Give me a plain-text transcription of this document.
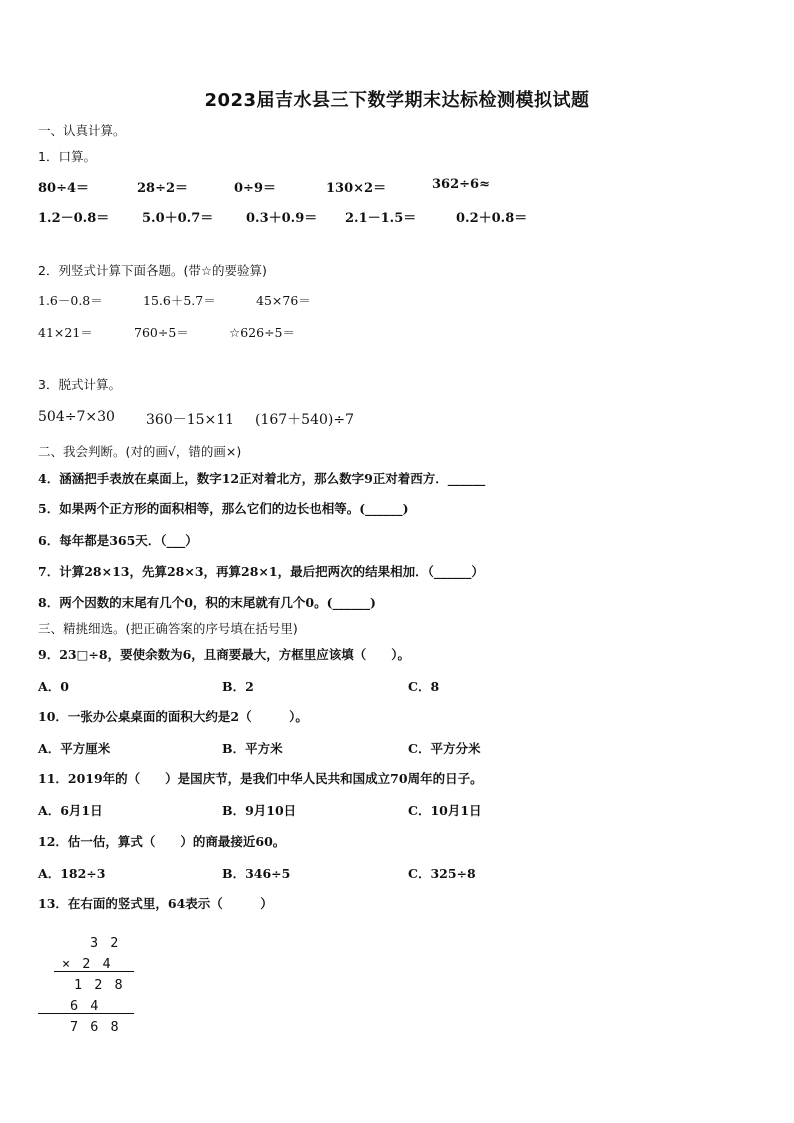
2023届吉水县三下数学期末达标检测模拟试题
一、认真计算。
1．口算。
80÷4＝	28÷2＝	0÷9＝	130×2＝	362÷6≈
1.2－0.8＝	5.0＋0.7＝	0.3＋0.9＝ 2.1－1.5＝	0.2＋0.8＝
2．列竖式计算下面各题。(带☆的要验算)
1.6－0.8＝	15.6＋5.7＝	45×76＝
41×21＝	760÷5＝	☆626÷5＝
3．脱式计算。
504÷7×30 360－15×11 (167＋540)÷7
二、我会判断。(对的画√，错的画×)
4．涵涵把手表放在桌面上，数字12正对着北方，那么数字9正对着西方．______
5．如果两个正方形的面积相等，那么它们的边长也相等。(______)
6．每年都是365天．（___）
7．计算28×13，先算28×3，再算28×1，最后把两次的结果相加．（______）
8．两个因数的末尾有几个0，积的末尾就有几个0。(______)
三、精挑细选。(把正确答案的序号填在括号里)
9．23□÷8，要使余数为6，且商要最大，方框里应该填（　　）。
A．0	B．2	C．8
10．一张办公桌桌面的面积大约是2（　　　）。
A．平方厘米	B．平方米	C．平方分米
11．2019年的（　　）是国庆节，是我们中华人民共和国成立70周年的日子。
A．6月1日	B．9月10日	C．10月1日
12．估一估，算式（　　）的商最接近60。
A．182÷3	B．346÷5	C．325÷8
13．在右面的竖式里，64表示（　　　）
3 2
× 2 4
1 2 8
6 4
7 6 8
